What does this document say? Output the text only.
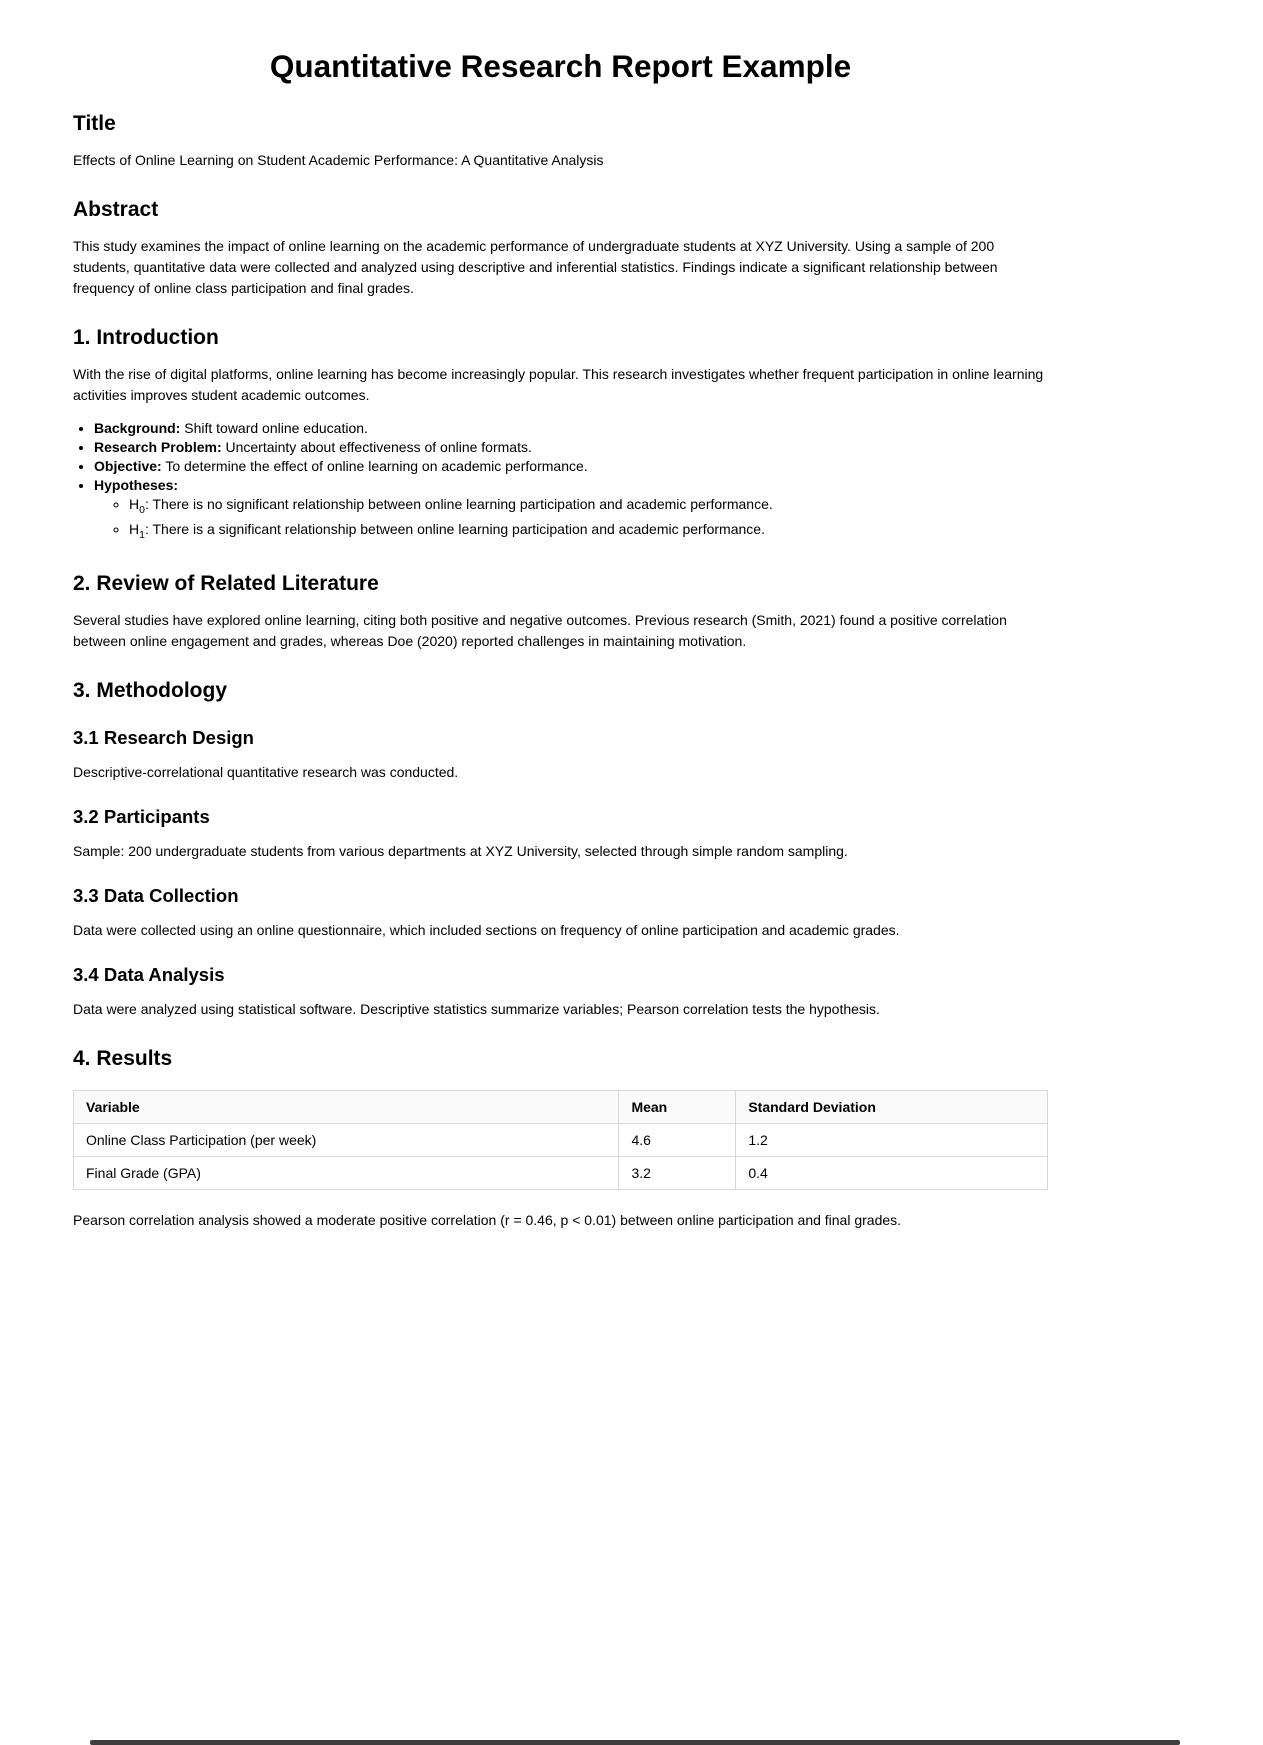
Quantitative Research Report Example
Title

Effects of Online Learning on Student Academic Performance: A Quantitative Analysis

Abstract

This study examines the impact of online learning on the academic performance of undergraduate students at XYZ University. Using a sample of 200 students, quantitative data were collected and analyzed using descriptive and inferential statistics. Findings indicate a significant relationship between frequency of online class participation and final grades.

1. Introduction

With the rise of digital platforms, online learning has become increasingly popular. This research investigates whether frequent participation in online learning activities improves student academic outcomes.

• Background: Shift toward online education.
• Research Problem: Uncertainty about effectiveness of online formats.
• Objective: To determine the effect of online learning on academic performance.
• Hypotheses:
◦ $H_0$: There is no significant relationship between online learning participation and academic performance.
◦ $H_1$: There is a significant relationship between online learning participation and academic performance.
2. Review of Related Literature

Several studies have explored online learning, citing both positive and negative outcomes. Previous research (Smith, 2021) found a positive correlation between online engagement and grades, whereas Doe (2020) reported challenges in maintaining motivation.

3. Methodology
3.1 Research Design

Descriptive-correlational quantitative research was conducted.

3.2 Participants

Sample: 200 undergraduate students from various departments at XYZ University, selected through simple random sampling.

3.3 Data Collection

Data were collected using an online questionnaire, which included sections on frequency of online participation and academic grades.

3.4 Data Analysis

Data were analyzed using statistical software. Descriptive statistics summarize variables; Pearson correlation tests the hypothesis.

4. Results
Variable	Mean	Standard Deviation
Online Class Participation (per week)	4.6	1.2
Final Grade (GPA)	3.2	0.4

Pearson correlation analysis showed a moderate positive correlation (r = 0.46, p < 0.01) between online participation and final grades.
